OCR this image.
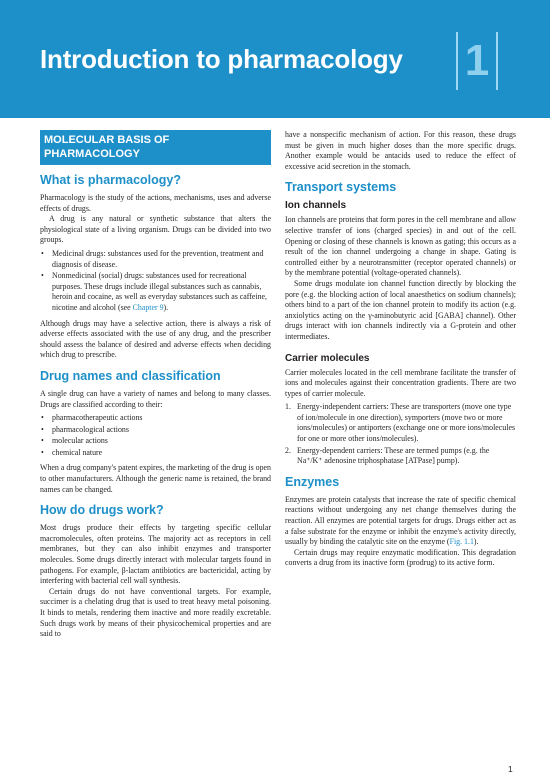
Introduction to pharmacology 1
MOLECULAR BASIS OF PHARMACOLOGY
What is pharmacology?

Pharmacology is the study of the actions, mechanisms, uses and adverse effects of drugs.

A drug is any natural or synthetic substance that alters the physiological state of a living organism. Drugs can be divided into two groups.

• Medicinal drugs: substances used for the prevention, treatment and diagnosis of disease.
• Nonmedicinal (social) drugs: substances used for recreational purposes. These drugs include illegal substances such as cannabis, heroin and cocaine, as well as everyday substances such as caffeine, nicotine and alcohol (see Chapter 9).

Although drugs may have a selective action, there is always a risk of adverse effects associated with the use of any drug, and the prescriber should assess the balance of desired and adverse effects when deciding which drug to prescribe.

Drug names and classification

A single drug can have a variety of names and belong to many classes. Drugs are classified according to their:

• pharmacotherapeutic actions
• pharmacological actions
• molecular actions
• chemical nature

When a drug company's patent expires, the marketing of the drug is open to other manufacturers. Although the generic name is retained, the brand names can be changed.

How do drugs work?

Most drugs produce their effects by targeting specific cellular macromolecules, often proteins. The majority act as receptors in cell membranes, but they can also inhibit enzymes and transporter molecules. Some drugs directly interact with molecular targets found in pathogens. For example, β-lactam antibiotics are bactericidal, acting by interfering with bacterial cell wall synthesis.

Certain drugs do not have conventional targets. For example, succimer is a chelating drug that is used to treat heavy metal poisoning. It binds to metals, rendering them inactive and more readily excretable. Such drugs work by means of their physicochemical properties and are said to

have a nonspecific mechanism of action. For this reason, these drugs must be given in much higher doses than the more specific drugs. Another example would be antacids used to reduce the effect of excessive acid secretion in the stomach.

Transport systems
Ion channels

Ion channels are proteins that form pores in the cell membrane and allow selective transfer of ions (charged species) in and out of the cell. Opening or closing of these channels is known as gating; this occurs as a result of the ion channel undergoing a change in shape. Gating is controlled either by a neurotransmitter (receptor operated channels) or by the membrane potential (voltage-operated channels).

Some drugs modulate ion channel function directly by blocking the pore (e.g. the blocking action of local anaesthetics on sodium channels); others bind to a part of the ion channel protein to modify its action (e.g. anxiolytics acting on the γ-aminobutyric acid [GABA] channel). Other drugs interact with ion channels indirectly via a G-protein and other intermediates.

Carrier molecules

Carrier molecules located in the cell membrane facilitate the transfer of ions and molecules against their concentration gradients. There are two types of carrier molecule.

1. Energy-independent carriers: These are transporters (move one type of ion/molecule in one direction), symporters (move two or more ions/molecules) or antiporters (exchange one or more ions/molecules for one or more other ions/molecules).
2. Energy-dependent carriers: These are termed pumps (e.g. the Na⁺/K⁺ adenosine triphosphatase [ATPase] pump).
Enzymes

Enzymes are protein catalysts that increase the rate of specific chemical reactions without undergoing any net change themselves during the reaction. All enzymes are potential targets for drugs. Drugs either act as a false substrate for the enzyme or inhibit the enzyme's activity directly, usually by binding the catalytic site on the enzyme (Fig. 1.1).

Certain drugs may require enzymatic modification. This degradation converts a drug from its inactive form (prodrug) to its active form.

1
